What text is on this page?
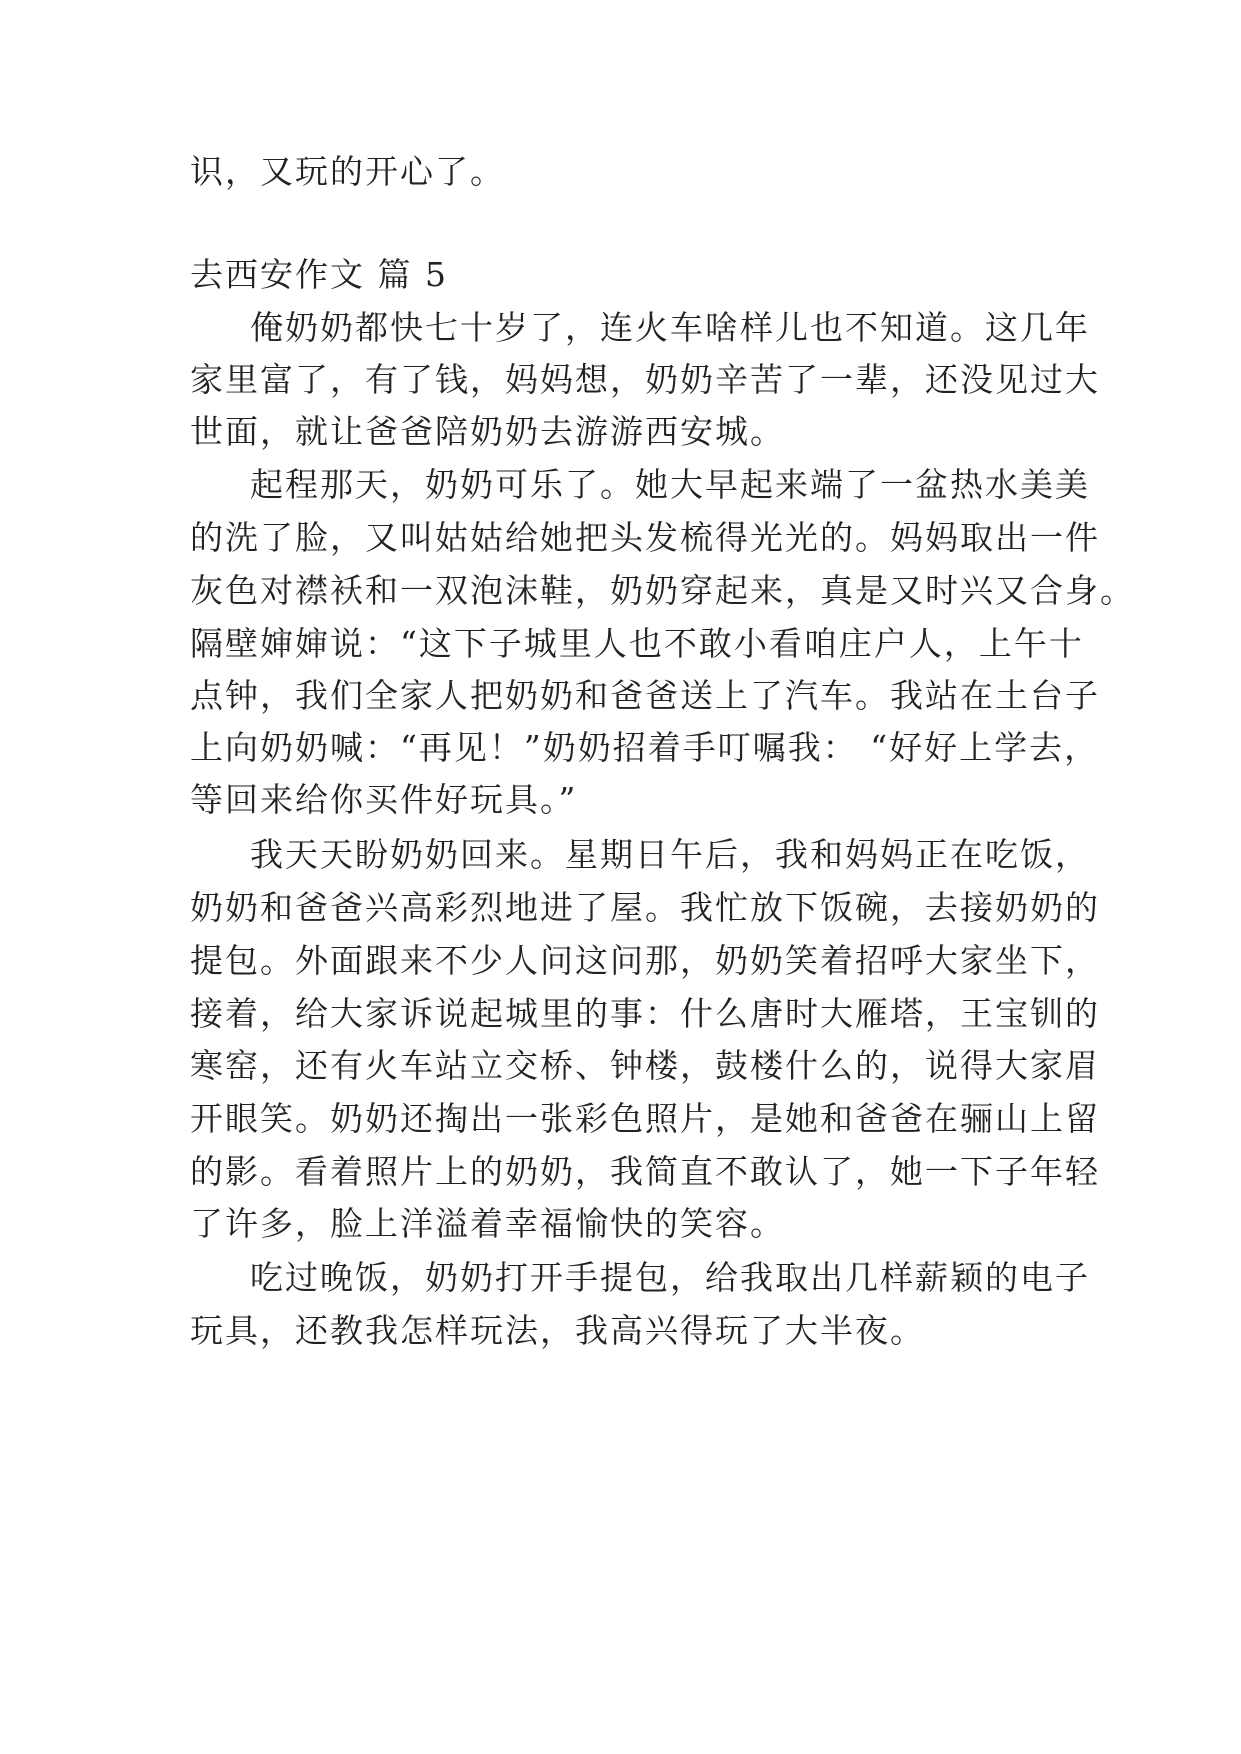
识，又玩的开心了。
去西安作文 篇 5
俺奶奶都快七十岁了，连火车啥样儿也不知道。这几年
家里富了，有了钱，妈妈想，奶奶辛苦了一辈，还没见过大
世面，就让爸爸陪奶奶去游游西安城。
起程那天，奶奶可乐了。她大早起来端了一盆热水美美
的洗了脸，又叫姑姑给她把头发梳得光光的。妈妈取出一件
灰色对襟袄和一双泡沫鞋，奶奶穿起来，真是又时兴又合身。
隔壁婶婶说：“这下子城里人也不敢小看咱庄户人，上午十
点钟，我们全家人把奶奶和爸爸送上了汽车。我站在土台子
上向奶奶喊：“再见！”奶奶招着手叮嘱我： “好好上学去，
等回来给你买件好玩具。”
我天天盼奶奶回来。星期日午后，我和妈妈正在吃饭，
奶奶和爸爸兴高彩烈地进了屋。我忙放下饭碗，去接奶奶的
提包。外面跟来不少人问这问那，奶奶笑着招呼大家坐下，
接着，给大家诉说起城里的事：什么唐时大雁塔，王宝钏的
寒窑，还有火车站立交桥、钟楼，鼓楼什么的，说得大家眉
开眼笑。奶奶还掏出一张彩色照片，是她和爸爸在骊山上留
的影。看着照片上的奶奶，我简直不敢认了，她一下子年轻
了许多，脸上洋溢着幸福愉快的笑容。
吃过晚饭，奶奶打开手提包，给我取出几样薪颖的电子
玩具，还教我怎样玩法，我高兴得玩了大半夜。
